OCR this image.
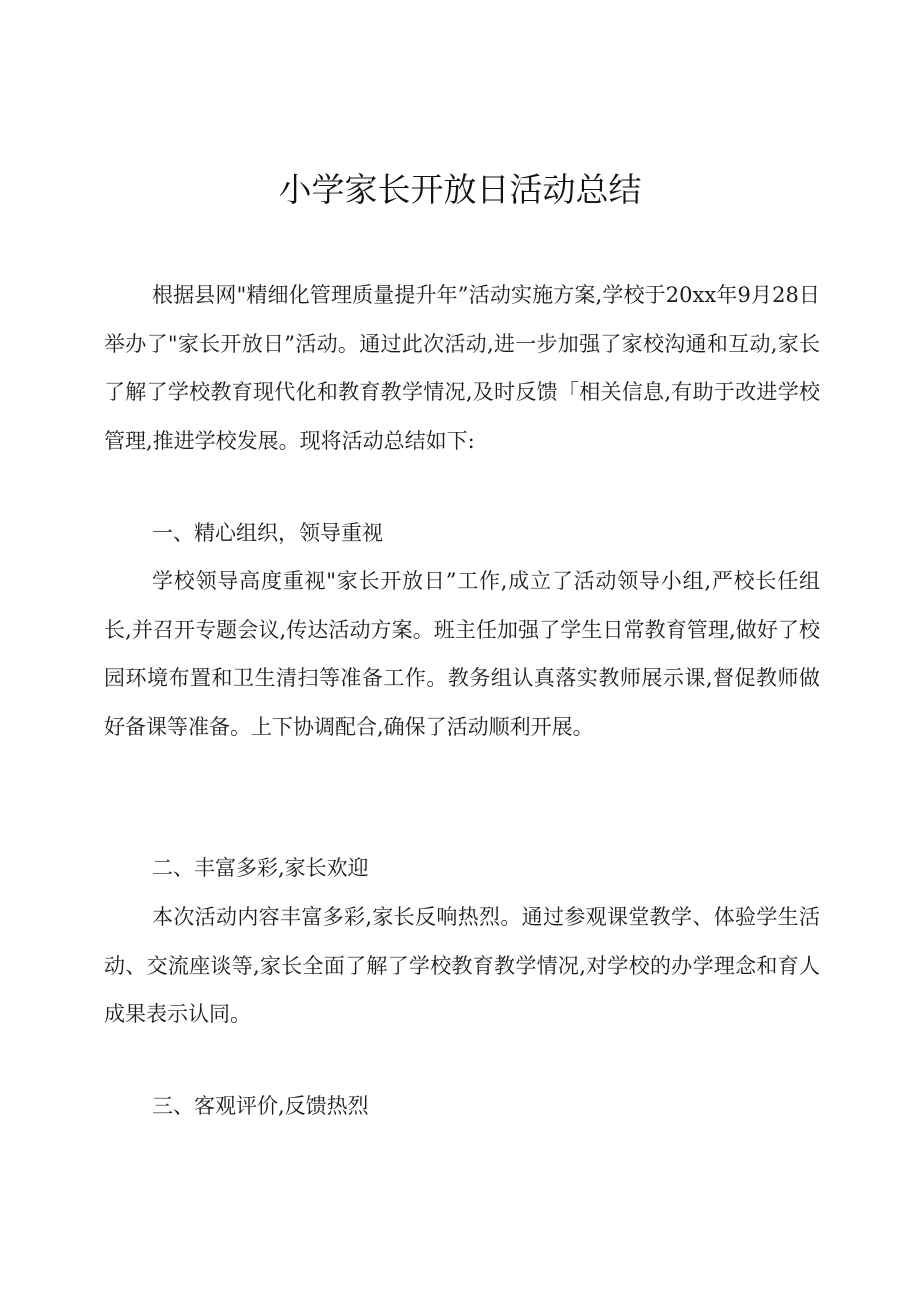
小学家长开放日活动总结

根据县网"精细化管理质量提升年”活动实施方案,学校于20xx年9月28日举办了"家长开放日”活动。通过此次活动,进一步加强了家校沟通和互动,家长了解了学校教育现代化和教育教学情况,及时反馈「相关信息,有助于改进学校管理,推进学校发展。现将活动总结如下:

一、精心组织，领导重视

学校领导高度重视"家长开放日”工作,成立了活动领导小组,严校长任组长,并召开专题会议,传达活动方案。班主任加强了学生日常教育管理,做好了校园环境布置和卫生清扫等准备工作。教务组认真落实教师展示课,督促教师做好备课等准备。上下协调配合,确保了活动顺利开展。

二、丰富多彩,家长欢迎

本次活动内容丰富多彩,家长反响热烈。通过参观课堂教学、体验学生活动、交流座谈等,家长全面了解了学校教育教学情况,对学校的办学理念和育人成果表示认同。

三、客观评价,反馈热烈
